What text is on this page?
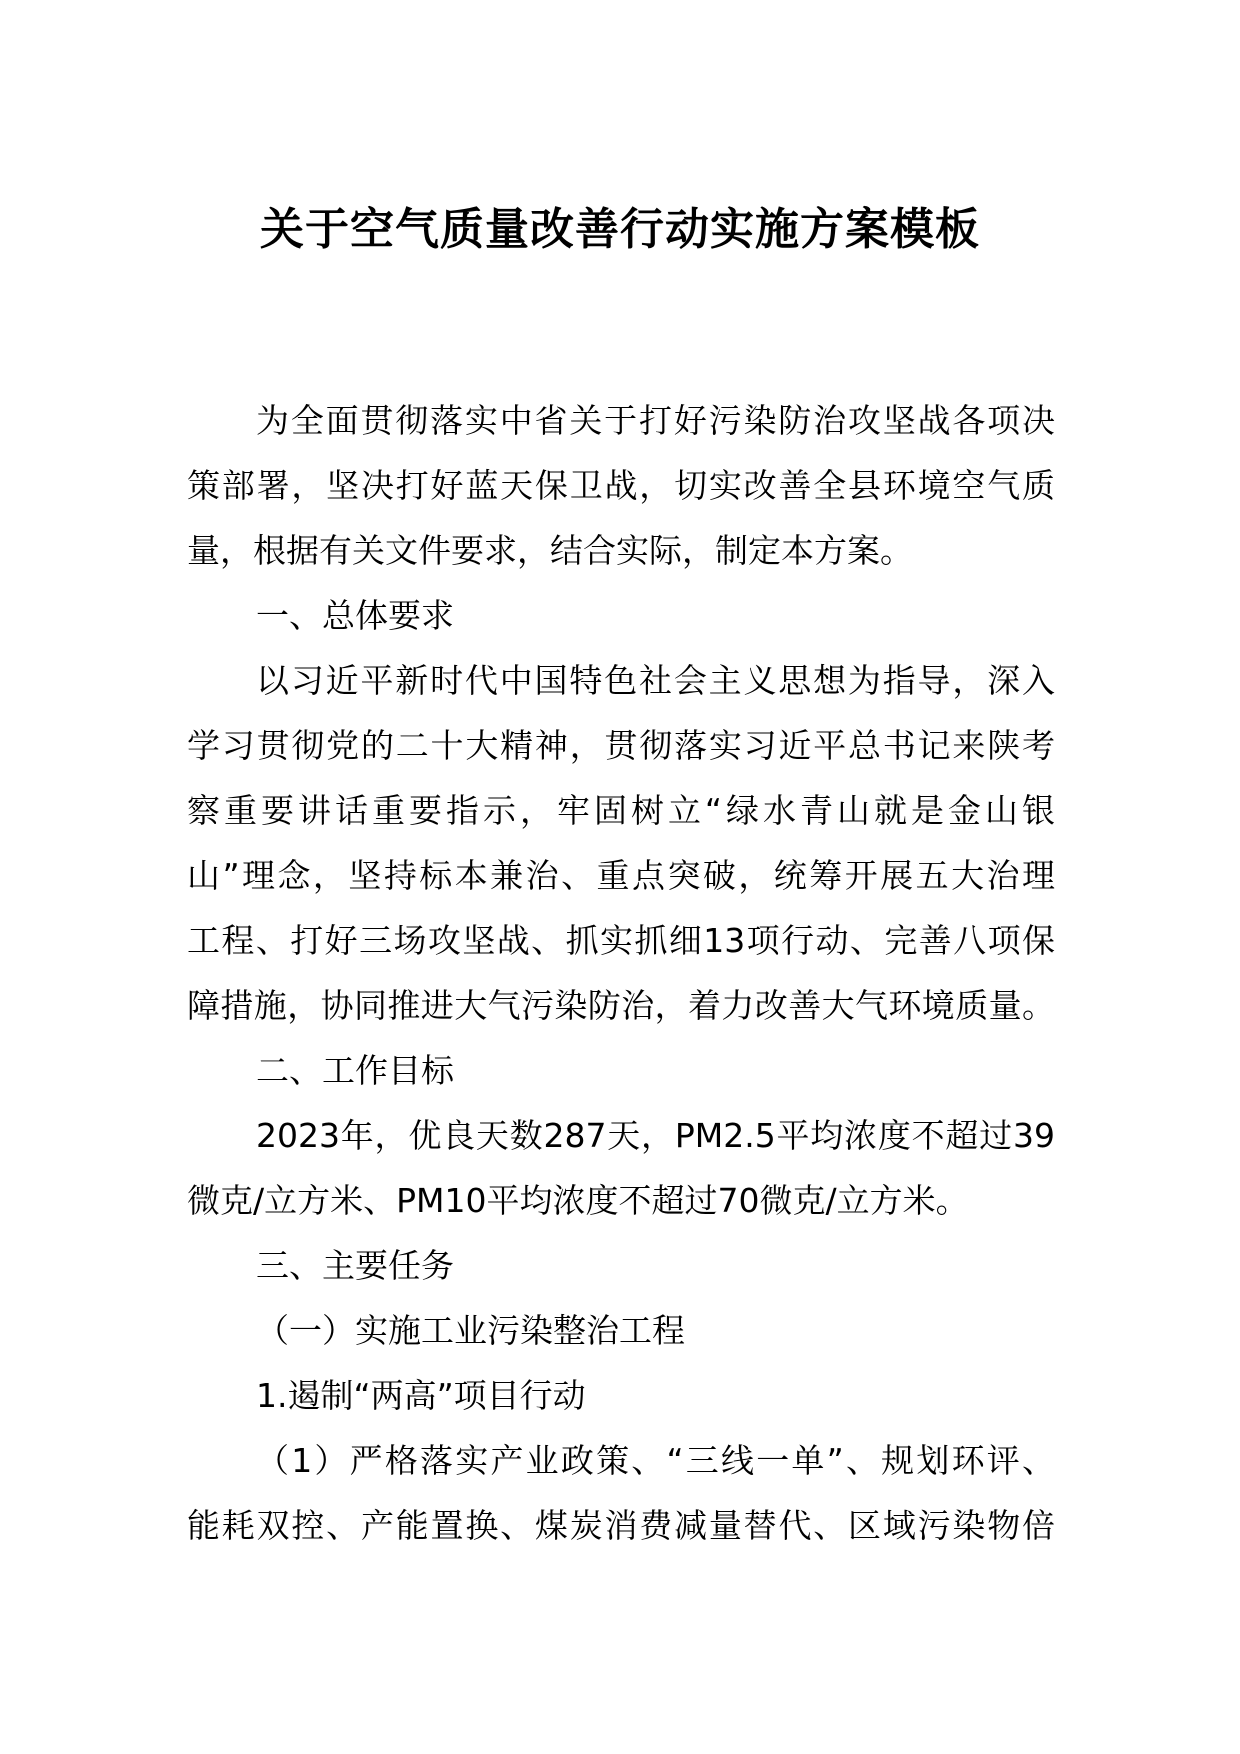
关于空气质量改善行动实施方案模板
为全面贯彻落实中省关于打好污染防治攻坚战各项决
策部署，坚决打好蓝天保卫战，切实改善全县环境空气质
量，根据有关文件要求，结合实际，制定本方案。
一、总体要求
以习近平新时代中国特色社会主义思想为指导，深入
学习贯彻党的二十大精神，贯彻落实习近平总书记来陕考
察重要讲话重要指示，牢固树立“绿水青山就是金山银
山”理念，坚持标本兼治、重点突破，统筹开展五大治理
工程、打好三场攻坚战、抓实抓细13项行动、完善八项保
障措施，协同推进大气污染防治，着力改善大气环境质量。
二、工作目标
2023年，优良天数287天，PM2.5平均浓度不超过39
微克/立方米、PM10平均浓度不超过70微克/立方米。
三、主要任务
（一）实施工业污染整治工程
1.遏制“两高”项目行动
（1）严格落实产业政策、“三线一单”、规划环评、
能耗双控、产能置换、煤炭消费减量替代、区域污染物倍
